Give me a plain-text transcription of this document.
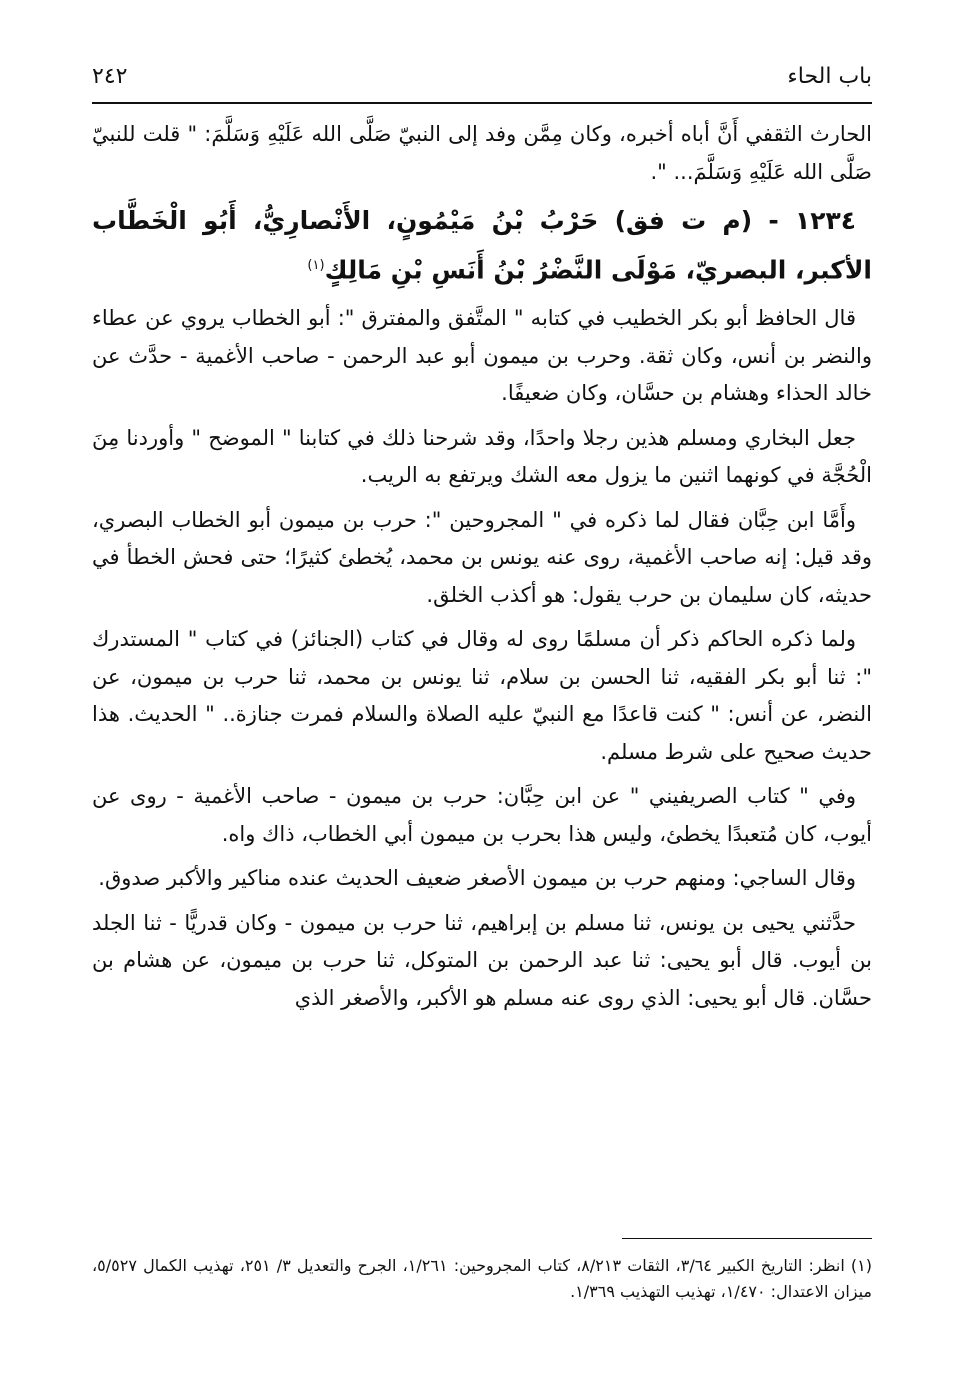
باب الحاء
٢٤٢

الحارث الثقفي أَنَّ أباه أخبره، وكان مِمَّن وفد إلى النبيّ صَلَّى الله عَلَيْهِ وَسَلَّمَ: " قلت للنبيّ صَلَّى الله عَلَيْهِ وَسَلَّمَ... ".

١٢٣٤ - (م ت فق) حَرْبُ بْنُ مَيْمُونٍ، الأَنْصارِيُّ، أَبُو الْخَطَّاب الأكبر، البصريّ، مَوْلَى النَّضْرُ بْنُ أَنَسِ بْنِ مَالِكٍ$^{(١)}$

قال الحافظ أبو بكر الخطيب في كتابه " المتَّفق والمفترق ": أبو الخطاب يروي عن عطاء والنضر بن أنس، وكان ثقة. وحرب بن ميمون أبو عبد الرحمن - صاحب الأغمية - حدَّث عن خالد الحذاء وهشام بن حسَّان، وكان ضعيفًا.

جعل البخاري ومسلم هذين رجلا واحدًا، وقد شرحنا ذلك في كتابنا " الموضح " وأوردنا مِنَ الْحُجَّة في كونهما اثنين ما يزول معه الشك ويرتفع به الريب.

وأَمَّا ابن حِبَّان فقال لما ذكره في " المجروحين ": حرب بن ميمون أبو الخطاب البصري، وقد قيل: إنه صاحب الأغمية، روى عنه يونس بن محمد، يُخطئ كثيرًا؛ حتى فحش الخطأ في حديثه، كان سليمان بن حرب يقول: هو أكذب الخلق.

ولما ذكره الحاكم ذكر أن مسلمًا روى له وقال في كتاب (الجنائز) في كتاب " المستدرك ": ثنا أبو بكر الفقيه، ثنا الحسن بن سلام، ثنا يونس بن محمد، ثنا حرب بن ميمون، عن النضر، عن أنس: " كنت قاعدًا مع النبيّ عليه الصلاة والسلام فمرت جنازة.. " الحديث. هذا حديث صحيح على شرط مسلم.

وفي " كتاب الصريفيني " عن ابن حِبَّان: حرب بن ميمون - صاحب الأغمية - روى عن أيوب، كان مُتعبدًا يخطئ، وليس هذا بحرب بن ميمون أبي الخطاب، ذاك واه.

وقال الساجي: ومنهم حرب بن ميمون الأصغر ضعيف الحديث عنده مناكير والأكبر صدوق.

حدَّثني يحيى بن يونس، ثنا مسلم بن إبراهيم، ثنا حرب بن ميمون - وكان قدريًّا - ثنا الجلد بن أيوب. قال أبو يحيى: ثنا عبد الرحمن بن المتوكل، ثنا حرب بن ميمون، عن هشام بن حسَّان. قال أبو يحيى: الذي روى عنه مسلم هو الأكبر، والأصغر الذي

(١) انظر: التاريخ الكبير ٣/٦٤، الثقات ٨/٢١٣، كتاب المجروحين: ١/٢٦١، الجرح والتعديل ٣/ ٢٥١، تهذيب الكمال ٥/٥٢٧، ميزان الاعتدال: ١/٤٧٠، تهذيب التهذيب ١/٣٦٩.
